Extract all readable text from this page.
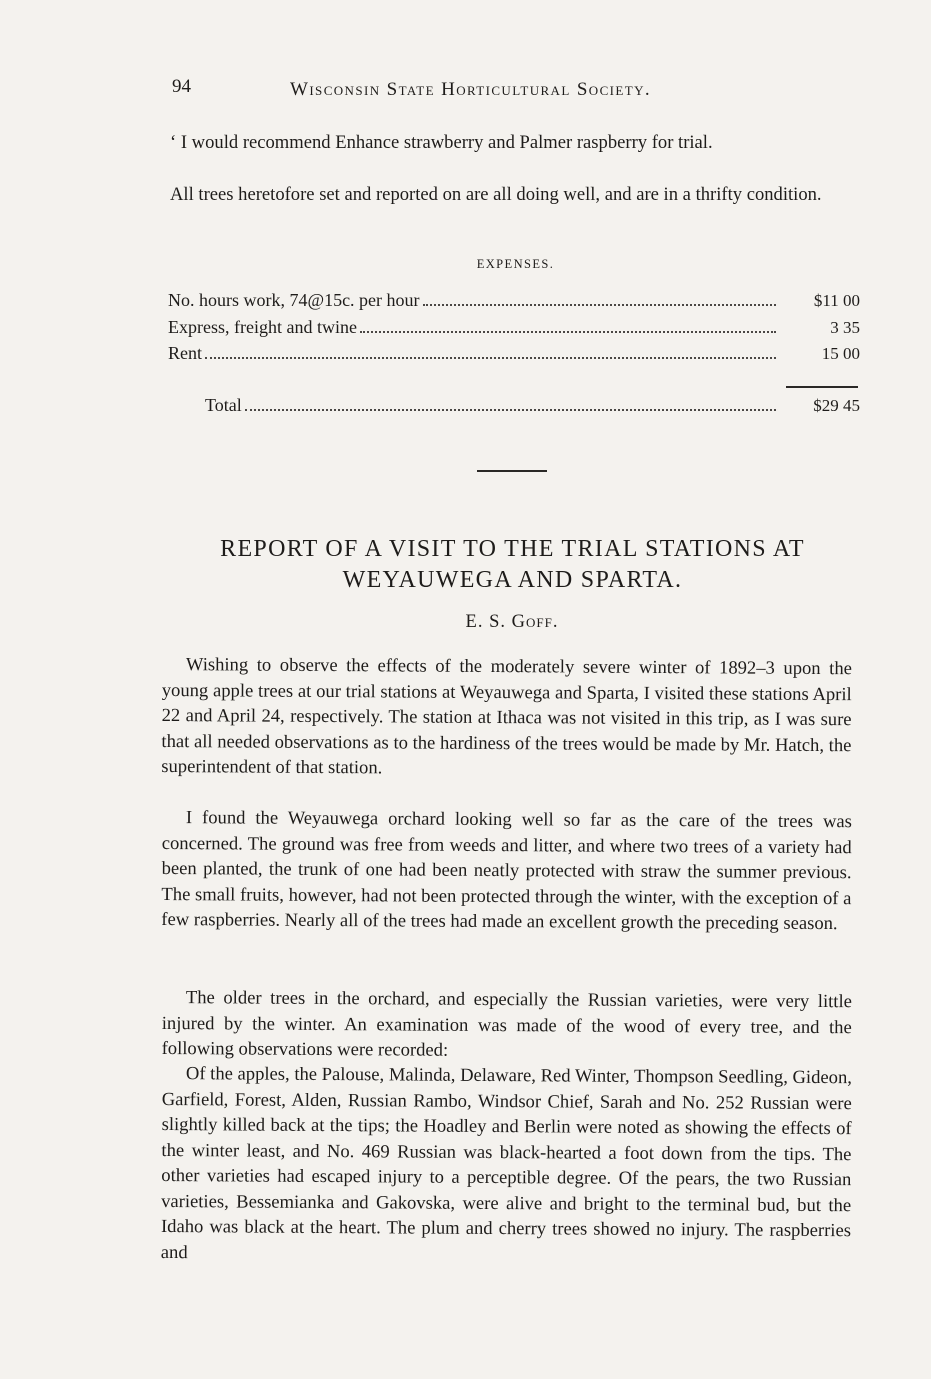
94	Wisconsin State Horticultural Society.

‘ I would recommend Enhance strawberry and Palmer raspberry for trial.

All trees heretofore set and reported on are all doing well, and are in a thrifty condition.

EXPENSES.
No. hours work, 74@15c. per hour	$11 00
Express, freight and twine	3 35
Rent	15 00
Total	$29 45
REPORT OF A VISIT TO THE TRIAL STATIONS AT
WEYAUWEGA AND SPARTA.
E. S. Goff.

Wishing to observe the effects of the moderately severe winter of 1892–3 upon the young apple trees at our trial stations at Weyauwega and Sparta, I visited these stations April 22 and April 24, respectively. The station at Ithaca was not visited in this trip, as I was sure that all needed observations as to the hardiness of the trees would be made by Mr. Hatch, the superintendent of that station.

I found the Weyauwega orchard looking well so far as the care of the trees was concerned. The ground was free from weeds and litter, and where two trees of a variety had been planted, the trunk of one had been neatly protected with straw the summer previous. The small fruits, however, had not been protected through the winter, with the exception of a few raspberries. Nearly all of the trees had made an excellent growth the preceding season.

The older trees in the orchard, and especially the Russian varieties, were very little injured by the winter. An examination was made of the wood of every tree, and the following observations were recorded:

Of the apples, the Palouse, Malinda, Delaware, Red Winter, Thompson Seedling, Gideon, Garfield, Forest, Alden, Russian Rambo, Windsor Chief, Sarah and No. 252 Russian were slightly killed back at the tips; the Hoadley and Berlin were noted as showing the effects of the winter least, and No. 469 Russian was black-hearted a foot down from the tips. The other varieties had escaped injury to a perceptible degree. Of the pears, the two Russian varieties, Bessemianka and Gakovska, were alive and bright to the terminal bud, but the Idaho was black at the heart. The plum and cherry trees showed no injury. The raspberries and
